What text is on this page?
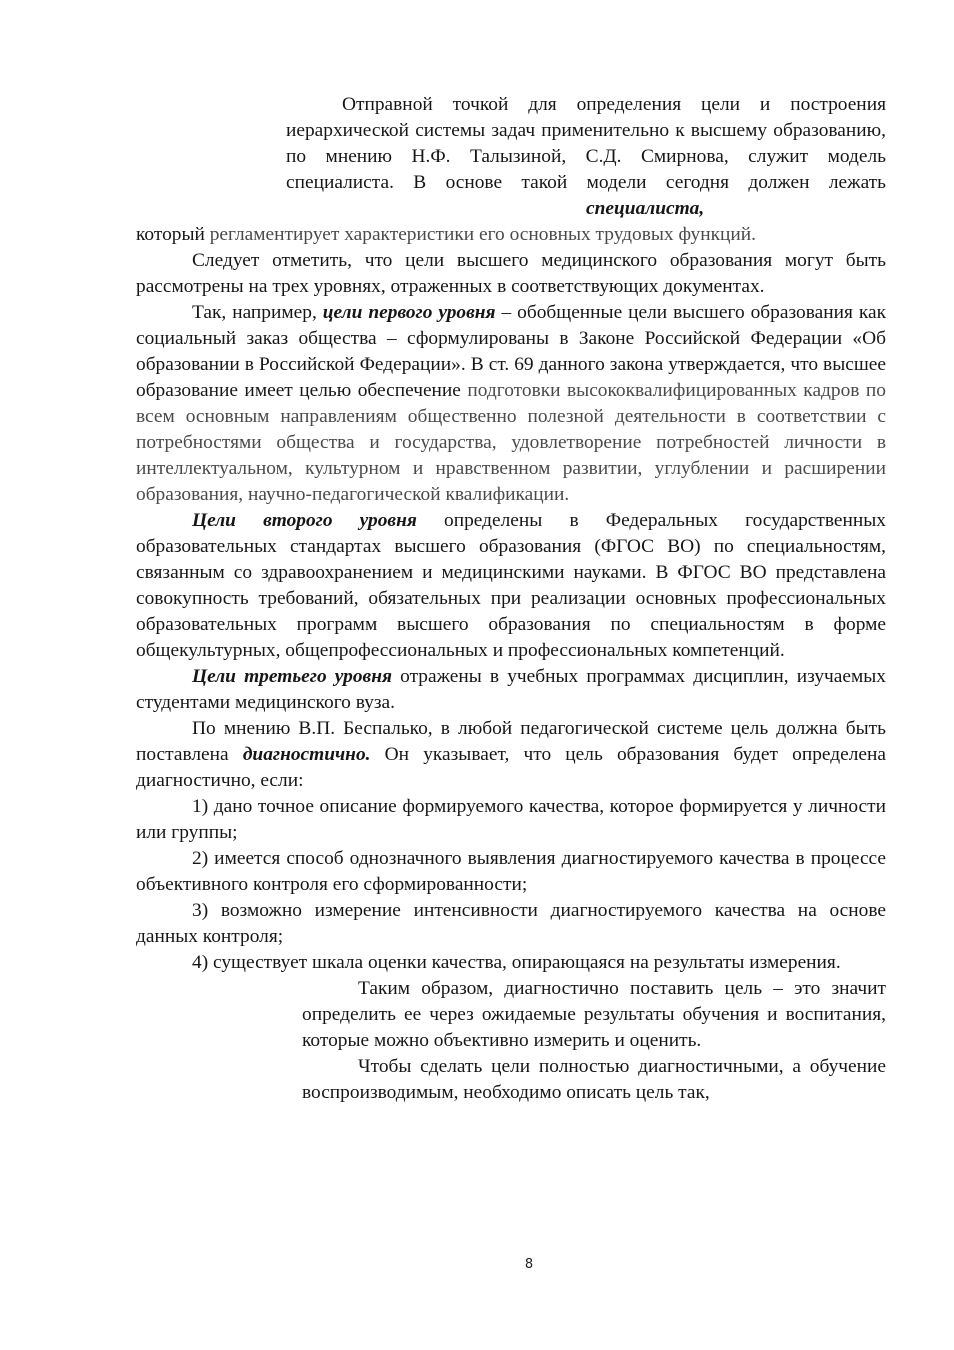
Отправной точкой для определения цели и построения иерархической системы задач применительно к высшему образованию, по мнению Н.Ф. Талызиной, С.Д. Смирнова, служит модель специалиста. В основе такой модели сегодня должен лежатьспециалиста,
который регламентирует характеристики его основных трудовых функций.

Следует отметить, что цели высшего медицинского образования могут быть рассмотрены на трех уровнях, отраженных в соответствующих документах.

Так, например, цели первого уровня – обобщенные цели высшего образования как социальный заказ общества – сформулированы в Законе Российской Федерации «Об образовании в Российской Федерации». В ст. 69 данного закона утверждается, что высшее образование имеет целью обеспечение подготовки высококвалифицированных кадров по всем основным направлениям общественно полезной деятельности в соответствии с потребностями общества и государства, удовлетворение потребностей личности в интеллектуальном, культурном и нравственном развитии, углублении и расширении образования, научно-педагогической квалификации.

Цели второго уровня определены в Федеральных государственных образовательных стандартах высшего образования (ФГОС ВО) по специальностям, связанным со здравоохранением и медицинскими науками. В ФГОС ВО представлена совокупность требований, обязательных при реализации основных профессиональных образовательных программ высшего образования по специальностям в форме общекультурных, общепрофессиональных и профессиональных компетенций.

Цели третьего уровня отражены в учебных программах дисциплин, изучаемых студентами медицинского вуза.

По мнению В.П. Беспалько, в любой педагогической системе цель должна быть поставлена диагностично. Он указывает, что цель образования будет определена диагностично, если:

1) дано точное описание формируемого качества, которое формируется у личности или группы;

2) имеется способ однозначного выявления диагностируемого качества в процессе объективного контроля его сформированности;

3) возможно измерение интенсивности диагностируемого качества на основе данных контроля;

4) существует шкала оценки качества, опирающаяся на результаты измерения.

Таким образом, диагностично поставить цель – это значит определить ее через ожидаемые результаты обучения и воспитания, которые можно объективно измерить и оценить.

Чтобы сделать цели полностью диагностичными, а обучение воспроизводимым, необходимо описать цель так,

8
